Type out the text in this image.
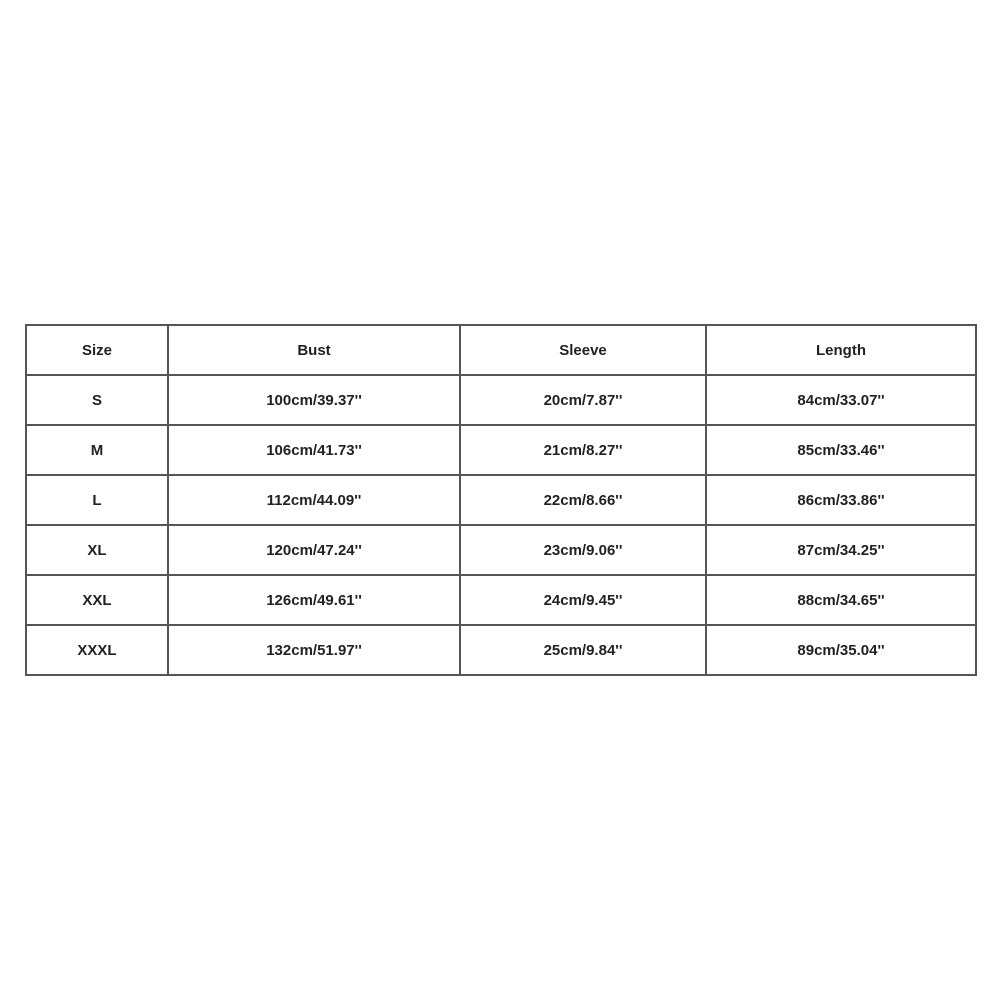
Size	Bust	Sleeve	Length
S	100cm/39.37''	20cm/7.87''	84cm/33.07''
M	106cm/41.73''	21cm/8.27''	85cm/33.46''
L	112cm/44.09''	22cm/8.66''	86cm/33.86''
XL	120cm/47.24''	23cm/9.06''	87cm/34.25''
XXL	126cm/49.61''	24cm/9.45''	88cm/34.65''
XXXL	132cm/51.97''	25cm/9.84''	89cm/35.04''
